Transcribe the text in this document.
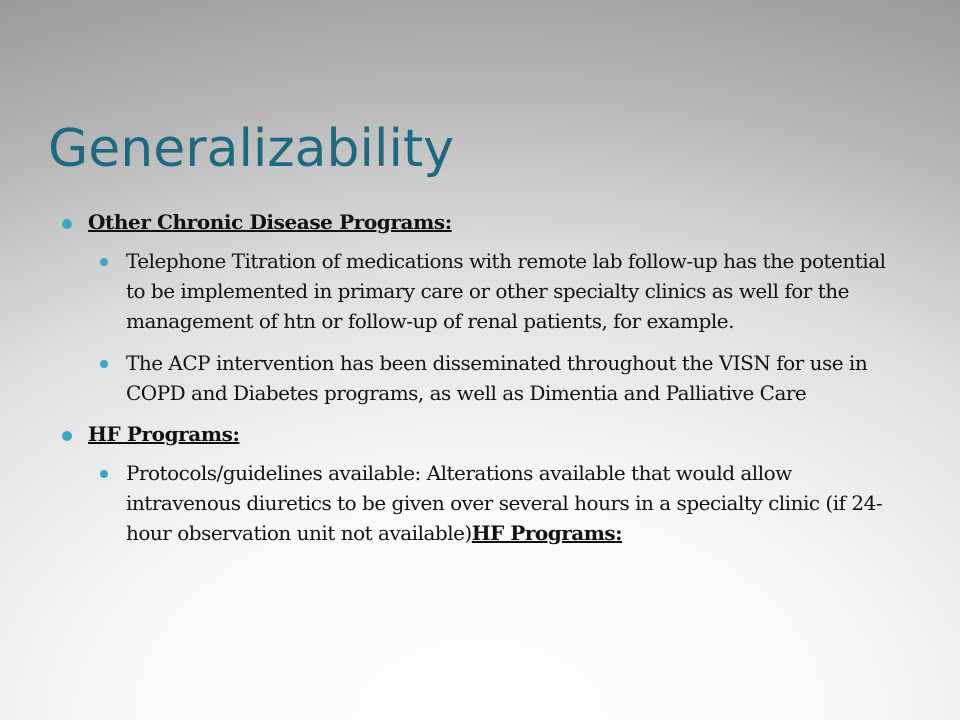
Generalizability
Other Chronic Disease Programs:
Telephone Titration of medications with remote lab follow-up has the potential to be implemented in primary care or other specialty clinics as well for the management of htn or follow-up of renal patients, for example.
The ACP intervention has been disseminated throughout the VISN for use in COPD and Diabetes programs, as well as Dimentia and Palliative Care
HF Programs:
Protocols/guidelines available: Alterations available that would allow intravenous diuretics to be given over several hours in a specialty clinic (if 24-hour observation unit not available)HF Programs:
